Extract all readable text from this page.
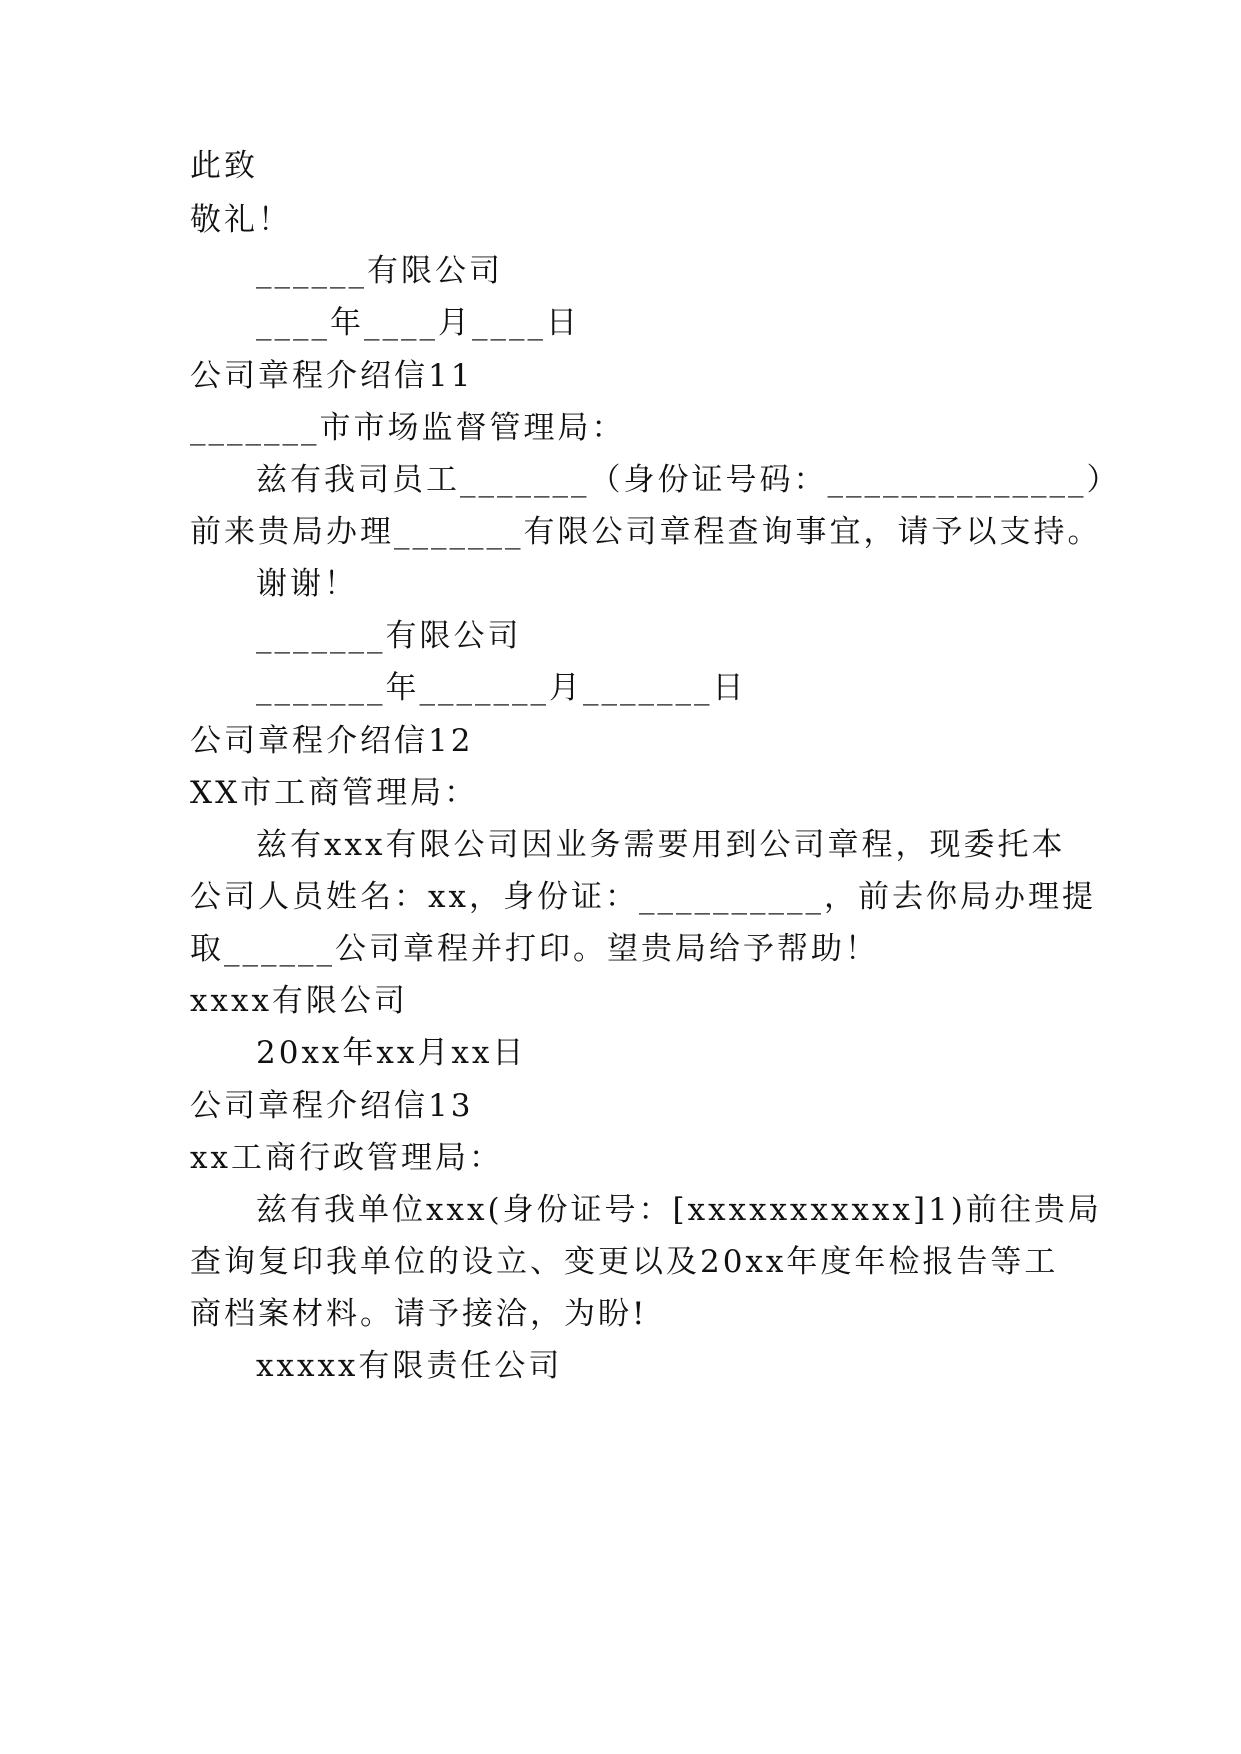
此致
敬礼！
______有限公司
____年____月____日
公司章程介绍信11
_______市市场监督管理局：
兹有我司员工_______（身份证号码：______________）
前来贵局办理_______有限公司章程查询事宜，请予以支持。
谢谢！
_______有限公司
_______年_______月_______日
公司章程介绍信12
XX市工商管理局：
兹有xxx有限公司因业务需要用到公司章程，现委托本
公司人员姓名：xx，身份证：__________，前去你局办理提
取______公司章程并打印。望贵局给予帮助！
xxxx有限公司
20xx年xx月xx日
公司章程介绍信13
xx工商行政管理局：
兹有我单位xxx(身份证号：[xxxxxxxxxxx]1)前往贵局
查询复印我单位的设立、变更以及20xx年度年检报告等工
商档案材料。请予接洽，为盼!
xxxxx有限责任公司
